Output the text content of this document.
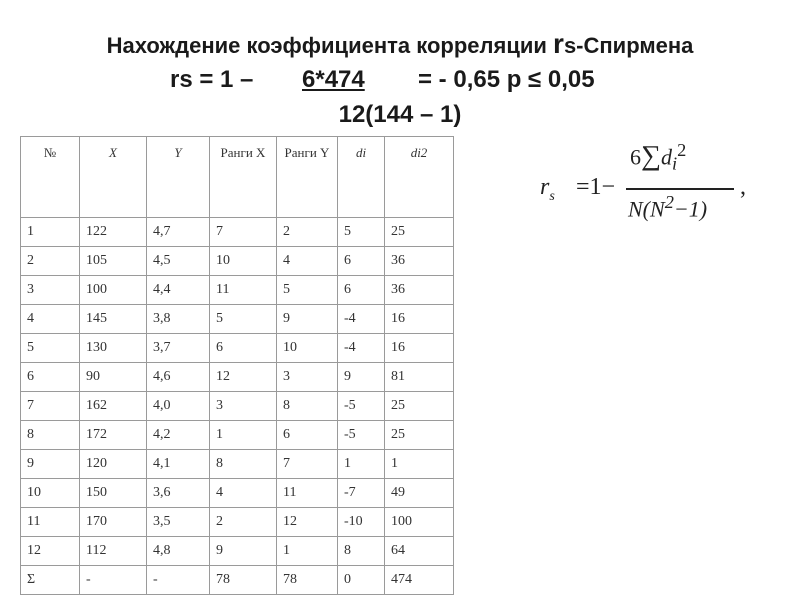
Нахождение коэффициента корреляции rs-Спирмена
rs = 1 – 6*474 = - 0,65 p ≤ 0,05
12(144 – 1)
№	X	Y	Ранги X	Ранги Y	di	di2
1	122	4,7	7	2	5	25
2	105	4,5	10	4	6	36
3	100	4,4	11	5	6	36
4	145	3,8	5	9	-4	16
5	130	3,7	6	10	-4	16
6	90	4,6	12	3	9	81
7	162	4,0	3	8	-5	25
8	172	4,2	1	6	-5	25
9	120	4,1	8	7	1	1
10	150	3,6	4	11	-7	49
11	170	3,5	2	12	-10	100
12	112	4,8	9	1	8	64
Σ	-	-	78	78	0	474
$r_s =1-$
$6\sum d_i^2$
$N(N^2-1)$
,
